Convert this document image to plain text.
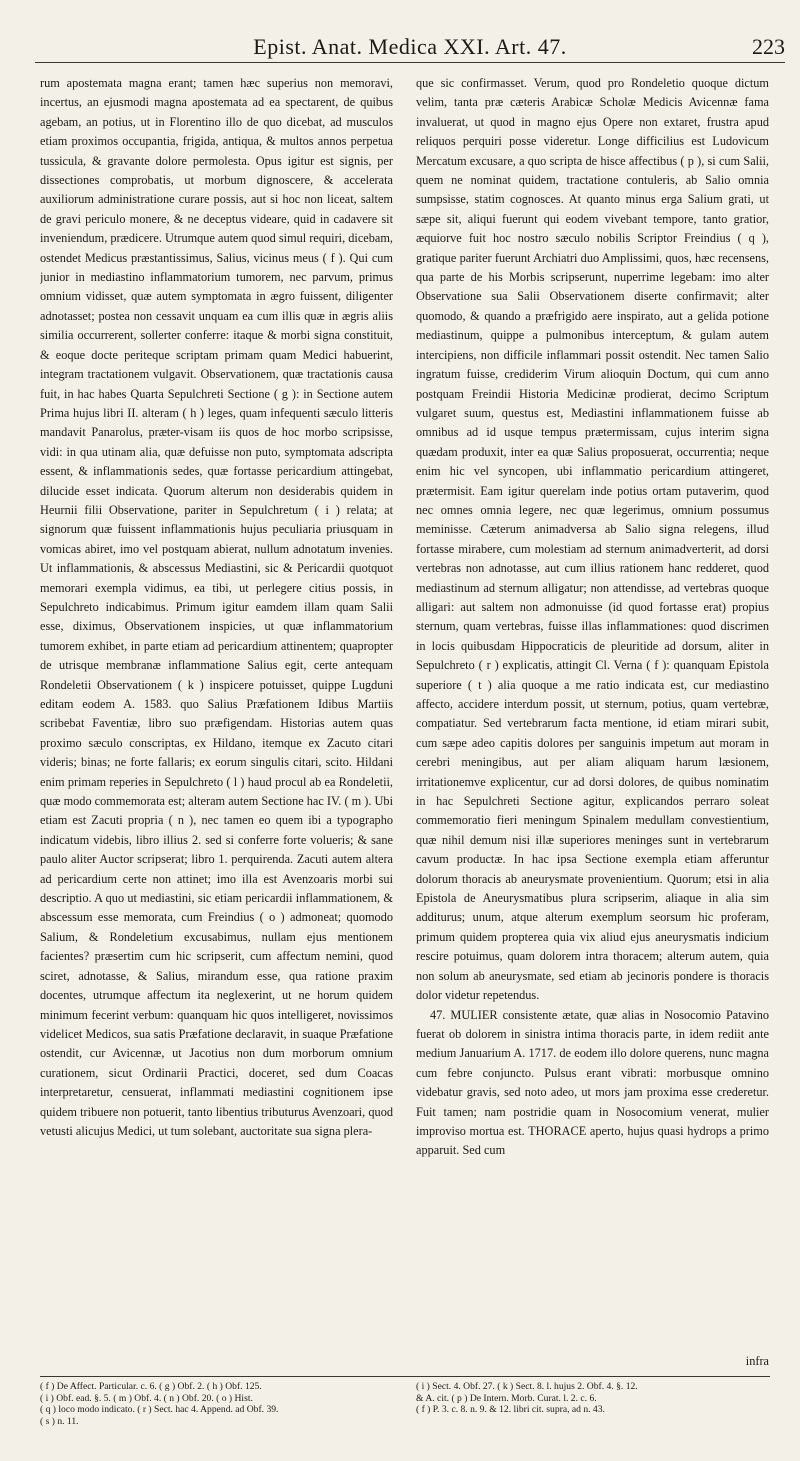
Epist. Anat. Medica XXI. Art. 47.	223

rum apostemata magna erant; tamen hæc superius non memoravi, incertus, an ejusmodi magna apostemata ad ea spectarent, de quibus agebam, an potius, ut in Florentino illo de quo dicebat, ad musculos etiam proximos occupantia, frigida, antiqua, & multos annos perpetua tussicula, & gravante dolore permolesta. Opus igitur est signis, per dissectiones comprobatis, ut morbum dignoscere, & accelerata auxiliorum administratione curare possis, aut si hoc non liceat, saltem de gravi periculo monere, & ne deceptus videare, quid in cadavere sit inveniendum, prædicere. Utrumque autem quod simul requiri, dicebam, ostendet Medicus præstantissimus, Salius, vicinus meus ( f ). Qui cum junior in mediastino inflammatorium tumorem, nec parvum, primus omnium vidisset, quæ autem symptomata in ægro fuissent, diligenter adnotasset; postea non cessavit unquam ea cum illis quæ in ægris aliis similia occurrerent, sollerter conferre: itaque & morbi signa constituit, & eoque docte periteque scriptam primam quam Medici habuerint, integram tractationem vulgavit. Observationem, quæ tractationis causa fuit, in hac habes Quarta Sepulchreti Sectione ( g ): in Sectione autem Prima hujus libri II. alteram ( h ) leges, quam infequenti sæculo litteris mandavit Panarolus, præter-visam iis quos de hoc morbo scripsisse, vidi: in qua utinam alia, quæ defuisse non puto, symptomata adscripta essent, & inflammationis sedes, quæ fortasse pericardium attingebat, dilucide esset indicata. Quorum alterum non desiderabis quidem in Heurnii filii Observatione, pariter in Sepulchretum ( i ) relata; at signorum quæ fuissent inflammationis hujus peculiaria priusquam in vomicas abiret, imo vel postquam abierat, nullum adnotatum invenies. Ut inflammationis, & abscessus Mediastini, sic & Pericardii quotquot memorari exempla vidimus, ea tibi, ut perlegere citius possis, in Sepulchreto indicabimus. Primum igitur eamdem illam quam Salii esse, diximus, Observationem inspicies, ut quæ inflammatorium tumorem exhibet, in parte etiam ad pericardium attinentem; quapropter de utrisque membranæ inflammatione Salius egit, certe antequam Rondeletii Observationem ( k ) inspicere potuisset, quippe Lugduni editam eodem A. 1583. quo Salius Præfationem Idibus Martiis scribebat Faventiæ, libro suo præfigendam. Historias autem quas proximo sæculo conscriptas, ex Hildano, itemque ex Zacuto citari videris; binas; ne forte fallaris; ex eorum singulis citari, scito. Hildani enim primam reperies in Sepulchreto ( l ) haud procul ab ea Rondeletii, quæ modo commemorata est; alteram autem Sectione hac IV. ( m ). Ubi etiam est Zacuti propria ( n ), nec tamen eo quem ibi a typographo indicatum videbis, libro illius 2. sed si conferre forte volueris; & sane paulo aliter Auctor scripserat; libro 1. perquirenda. Zacuti autem altera ad pericardium certe non attinet; imo illa est Avenzoaris morbi sui descriptio. A quo ut mediastini, sic etiam pericardii inflammationem, & abscessum esse memorata, cum Freindius ( o ) admoneat; quomodo Salium, & Rondeletium excusabimus, nullam ejus mentionem facientes? præsertim cum hic scripserit, cum affectum nemini, quod sciret, adnotasse, & Salius, mirandum esse, qua ratione praxim docentes, utrumque affectum ita neglexerint, ut ne horum quidem minimum fecerint verbum: quanquam hic quos intelligeret, novissimos videlicet Medicos, sua satis Præfatione declaravit, in suaque Præfatione ostendit, cur Avicennæ, ut Jacotius non dum morborum omnium curationem, sicut Ordinarii Practici, doceret, sed dum Coacas interpretaretur, censuerat, inflammati mediastini cognitionem ipse quidem tribuere non potuerit, tanto libentius tributurus Avenzoari, quod vetusti alicujus Medici, ut tum solebant, auctoritate sua signa plera-

que sic confirmasset. Verum, quod pro Rondeletio quoque dictum velim, tanta præ cæteris Arabicæ Scholæ Medicis Avicennæ fama invaluerat, ut quod in magno ejus Opere non extaret, frustra apud reliquos perquiri posse videretur. Longe difficilius est Ludovicum Mercatum excusare, a quo scripta de hisce affectibus ( p ), si cum Salii, quem ne nominat quidem, tractatione contuleris, ab Salio omnia sumpsisse, statim cognosces. At quanto minus erga Salium grati, ut sæpe sit, aliqui fuerunt qui eodem vivebant tempore, tanto gratior, æquiorve fuit hoc nostro sæculo nobilis Scriptor Freindius ( q ), gratique pariter fuerunt Archiatri duo Amplissimi, quos, hæc recensens, qua parte de his Morbis scripserunt, nuperrime legebam: imo alter Observatione sua Salii Observationem diserte confirmavit; alter quomodo, & quando a præfrigido aere inspirato, aut a gelida potione mediastinum, quippe a pulmonibus interceptum, & gulam autem intercipiens, non difficile inflammari possit ostendit. Nec tamen Salio ingratum fuisse, crediderim Virum alioquin Doctum, qui cum anno postquam Freindii Historia Medicinæ prodierat, decimo Scriptum vulgaret suum, questus est, Mediastini inflammationem fuisse ab omnibus ad id usque tempus prætermissam, cujus interim signa quædam produxit, inter ea quæ Salius proposuerat, occurrentia; neque enim hic vel syncopen, ubi inflammatio pericardium attingeret, prætermisit. Eam igitur querelam inde potius ortam putaverim, quod nec omnes omnia legere, nec quæ legerimus, omnium possumus meminisse. Cæterum animadversa ab Salio signa relegens, illud fortasse mirabere, cum molestiam ad sternum animadverterit, ad dorsi vertebras non adnotasse, aut cum illius rationem hanc redderet, quod mediastinum ad sternum alligatur; non attendisse, ad vertebras quoque alligari: aut saltem non admonuisse (id quod fortasse erat) propius sternum, quam vertebras, fuisse illas inflammationes: quod discrimen in locis quibusdam Hippocraticis de pleuritide ad dorsum, aliter in Sepulchreto ( r ) explicatis, attingit Cl. Verna ( f ): quanquam Epistola superiore ( t ) alia quoque a me ratio indicata est, cur mediastino affecto, accidere interdum possit, ut sternum, potius, quam vertebræ, compatiatur. Sed vertebrarum facta mentione, id etiam mirari subit, cum sæpe adeo capitis dolores per sanguinis impetum aut moram in cerebri meningibus, aut per aliam aliquam harum læsionem, irritationemve explicentur, cur ad dorsi dolores, de quibus nominatim in hac Sepulchreti Sectione agitur, explicandos perraro soleat commemoratio fieri meningum Spinalem medullam convestientium, quæ nihil demum nisi illæ superiores meninges sunt in vertebrarum cavum productæ. In hac ipsa Sectione exempla etiam afferuntur dolorum thoracis ab aneurysmate provenientium. Quorum; etsi in alia Epistola de Aneurysmatibus plura scripserim, aliaque in alia sim additurus; unum, atque alterum exemplum seorsum hic proferam, primum quidem propterea quia vix aliud ejus aneurysmatis indicium rescire potuimus, quam dolorem intra thoracem; alterum autem, quia non solum ab aneurysmate, sed etiam ab jecinoris pondere is thoracis dolor videtur repetendus.

47. MULIER consistente ætate, quæ alias in Nosocomio Patavino fuerat ob dolorem in sinistra intima thoracis parte, in idem rediit ante medium Januarium A. 1717. de eodem illo dolore querens, nunc magna cum febre conjuncto. Pulsus erant vibrati: morbusque omnino videbatur gravis, sed noto adeo, ut mors jam proxima esse crederetur. Fuit tamen; nam postridie quam in Nosocomium venerat, mulier improviso mortua est. THORACE aperto, hujus quasi hydrops a primo apparuit. Sed cum

infra
( f ) De Affect. Particular. c. 6. ( g ) Obf. 2. ( h ) Obf. 125.
( i ) Obf. ead. §. 5. ( m ) Obf. 4. ( n ) Obf. 20. ( o ) Hist.
( q ) loco modo indicato. ( r ) Sect. hac 4. Append. ad Obf. 39.
( s ) n. 11.
( i ) Sect. 4. Obf. 27. ( k ) Sect. 8. l. hujus 2. Obf. 4. §. 12.
& A. cit. ( p ) De Intern. Morb. Curat. l. 2. c. 6.
( f ) P. 3. c. 8. n. 9. & 12. libri cit. supra, ad n. 43.
